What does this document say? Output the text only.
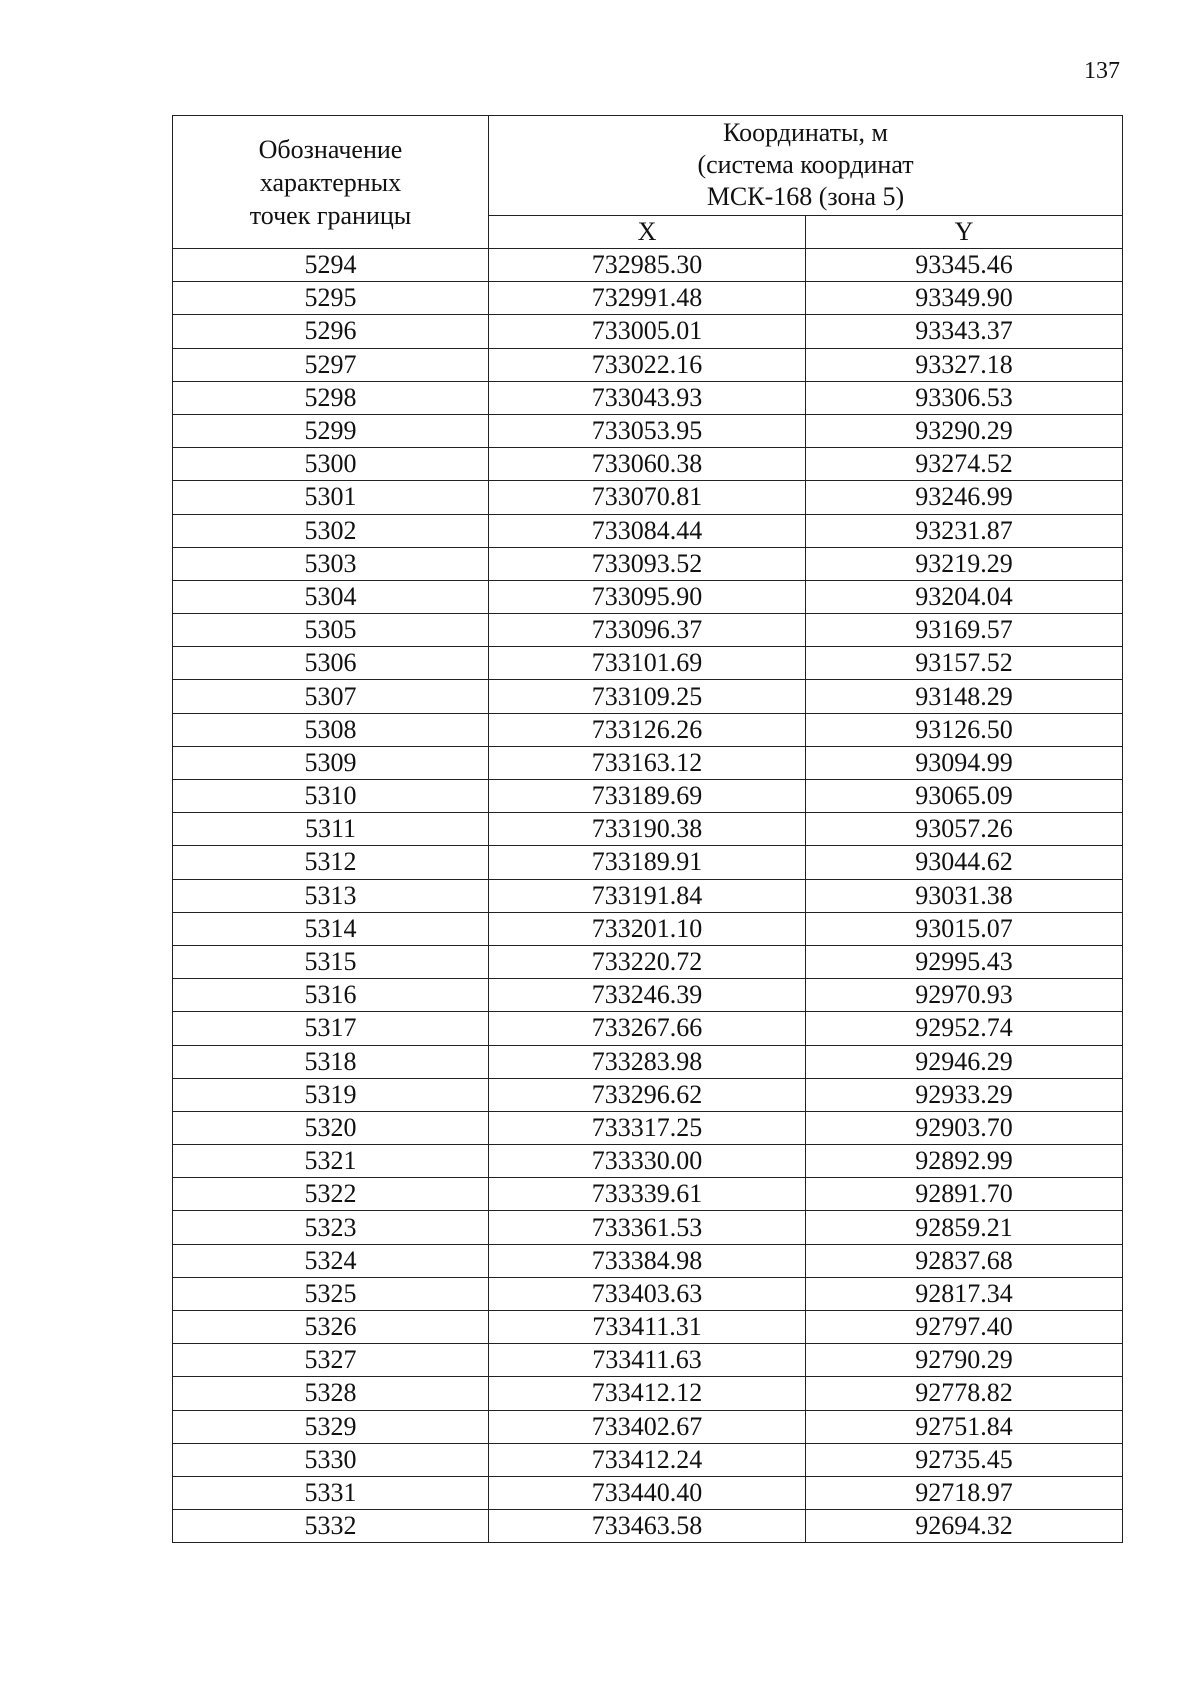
137
Обозначение
характерных
точек границы	Координаты, м
(система координат
МСК-168 (зона 5)	

	X	Y
5294	732985.30	93345.46
5295	732991.48	93349.90
5296	733005.01	93343.37
5297	733022.16	93327.18
5298	733043.93	93306.53
5299	733053.95	93290.29
5300	733060.38	93274.52
5301	733070.81	93246.99
5302	733084.44	93231.87
5303	733093.52	93219.29
5304	733095.90	93204.04
5305	733096.37	93169.57
5306	733101.69	93157.52
5307	733109.25	93148.29
5308	733126.26	93126.50
5309	733163.12	93094.99
5310	733189.69	93065.09
5311	733190.38	93057.26
5312	733189.91	93044.62
5313	733191.84	93031.38
5314	733201.10	93015.07
5315	733220.72	92995.43
5316	733246.39	92970.93
5317	733267.66	92952.74
5318	733283.98	92946.29
5319	733296.62	92933.29
5320	733317.25	92903.70
5321	733330.00	92892.99
5322	733339.61	92891.70
5323	733361.53	92859.21
5324	733384.98	92837.68
5325	733403.63	92817.34
5326	733411.31	92797.40
5327	733411.63	92790.29
5328	733412.12	92778.82
5329	733402.67	92751.84
5330	733412.24	92735.45
5331	733440.40	92718.97
5332	733463.58	92694.32
